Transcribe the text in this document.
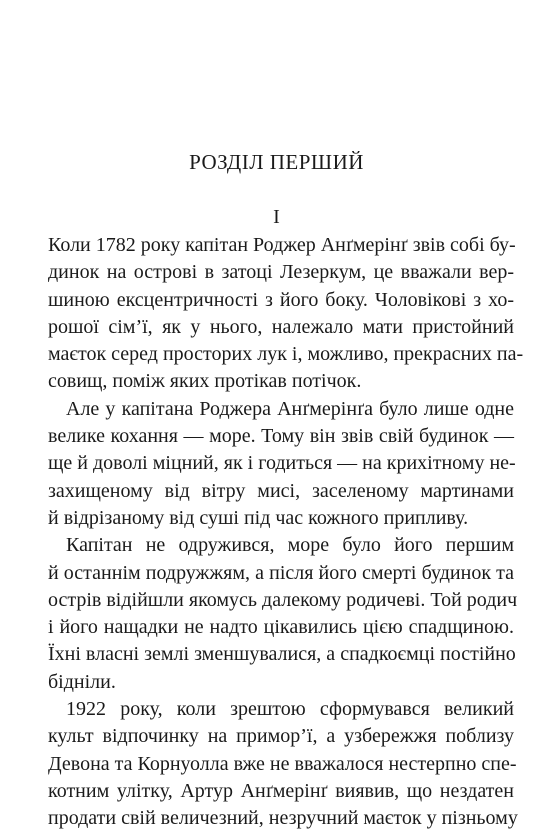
РОЗДІЛ ПЕРШИЙ
I

Коли 1782 року капітан Роджер Анґмерінґ звів собі бу-
динок на острові в затоці Лезеркум, це вважали вер-
шиною ексцентричності з його боку. Чоловікові з хо-
рошої сім’ї, як у нього, належало мати пристойний
маєток серед просторих лук і, можливо, прекрасних па-
совищ, поміж яких протікав потічок.

Але у капітана Роджера Анґмерінґа було лише одне
велике кохання — море. Тому він звів свій будинок —
ще й доволі міцний, як і годиться — на крихітному не-
захищеному від вітру мисі, заселеному мартинами
й відрізаному від суші під час кожного припливу.

Капітан не одружився, море було його першим
й останнім подружжям, а після його смерті будинок та
острів відійшли якомусь далекому родичеві. Той родич
і його нащадки не надто цікавились цією спадщиною.
Їхні власні землі зменшувалися, а спадкоємці постійно
бідніли.

1922 року, коли зрештою сформувався великий
культ відпочинку на примор’ї, а узбережжя поблизу
Девона та Корнуолла вже не вважалося нестерпно спе-
котним улітку, Артур Анґмерінґ виявив, що нездатен
продати свій величезний, незручний маєток у пізньому
